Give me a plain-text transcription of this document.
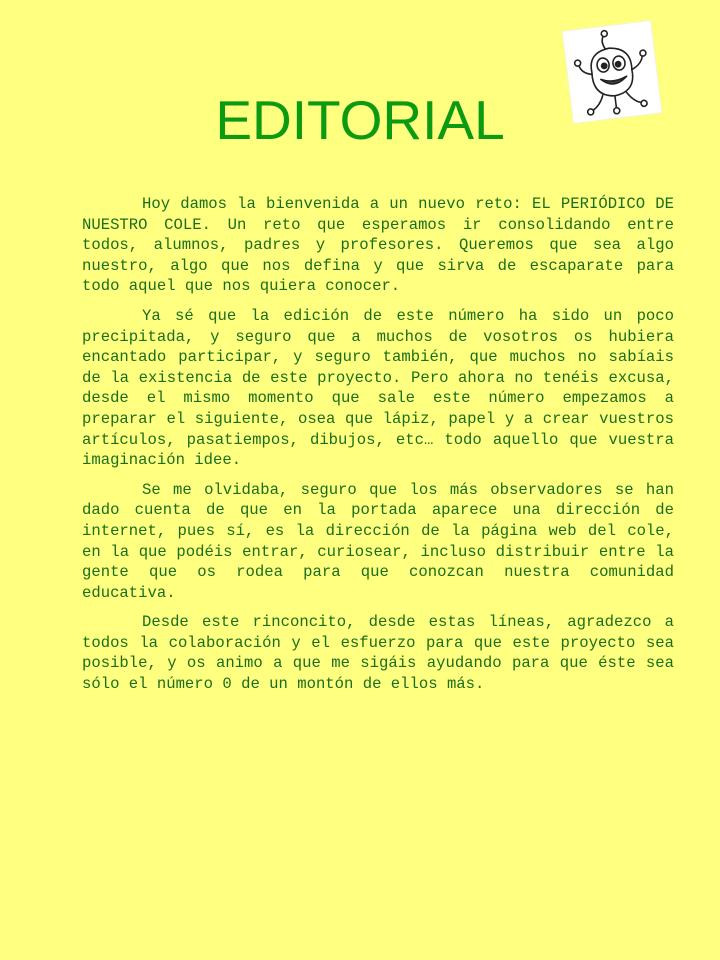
EDITORIAL

Hoy damos la bienvenida a un nuevo reto: EL PERIÓDICO DE NUESTRO COLE. Un reto que esperamos ir consolidando entre todos, alumnos, padres y profesores. Queremos que sea algo nuestro, algo que nos defina y que sirva de escaparate para todo aquel que nos quiera conocer.

Ya sé que la edición de este número ha sido un poco precipitada, y seguro que a muchos de vosotros os hubiera encantado participar, y seguro también, que muchos no sabíais de la existencia de este proyecto. Pero ahora no tenéis excusa, desde el mismo momento que sale este número empezamos a preparar el siguiente, osea que lápiz, papel y a crear vuestros artículos, pasatiempos, dibujos, etc… todo aquello que vuestra imaginación idee.

Se me olvidaba, seguro que los más observadores se han dado cuenta de que en la portada aparece una dirección de internet, pues sí, es la dirección de la página web del cole, en la que podéis entrar, curiosear, incluso distribuir entre la gente que os rodea para que conozcan nuestra comunidad educativa.

Desde este rinconcito, desde estas líneas, agradezco a todos la colaboración y el esfuerzo para que este proyecto sea posible, y os animo a que me sigáis ayudando para que éste sea sólo el número 0 de un montón de ellos más.
